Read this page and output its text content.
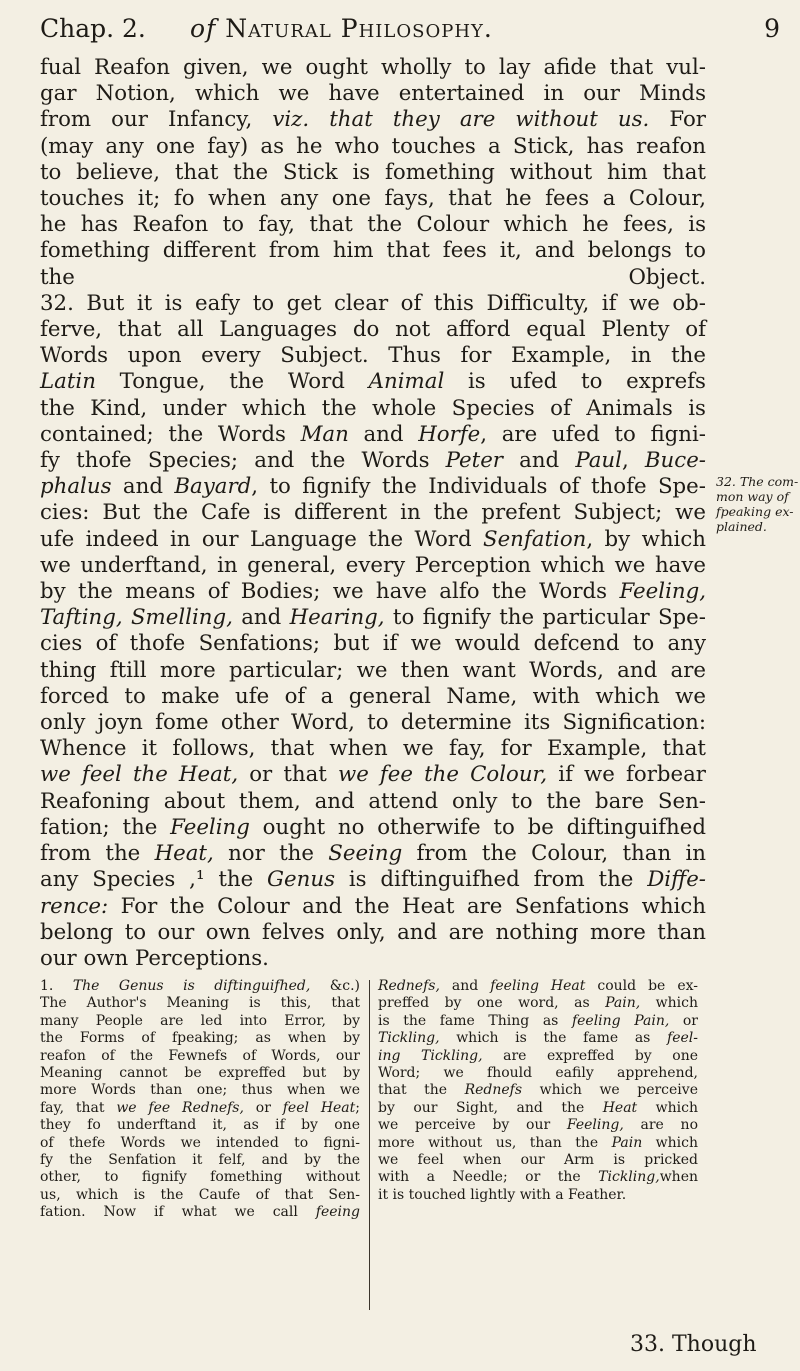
Chap. 2. of Natural Philosophy.	9
fual Reafon given, we ought wholly to lay afide that vul-
gar Notion, which we have entertained in our Minds
from our Infancy, viz. that they are without us. For
(may any one fay) as he who touches a Stick, has reafon
to believe, that the Stick is fomething without him that
touches it; fo when any one fays, that he fees a Colour,
he has Reafon to fay, that the Colour which he fees, is
fomething different from him that fees it, and belongs to
the Object.
32. But it is eafy to get clear of this Difficulty, if we ob-
ferve, that all Languages do not afford equal Plenty of
Words upon every Subject. Thus for Example, in the
Latin Tongue, the Word Animal is ufed to exprefs
the Kind, under which the whole Species of Animals is
contained; the Words Man and Horfe, are ufed to figni-
fy thofe Species; and the Words Peter and Paul, Buce-
phalus and Bayard, to fignify the Individuals of thofe Spe-
cies: But the Cafe is different in the prefent Subject; we
ufe indeed in our Language the Word Senfation, by which
we underftand, in general, every Perception which we have
by the means of Bodies; we have alfo the Words Feeling,
Tafting, Smelling, and Hearing, to fignify the particular Spe-
cies of thofe Senfations; but if we would defcend to any
thing ftill more particular; we then want Words, and are
forced to make ufe of a general Name, with which we
only joyn fome other Word, to determine its Signification:
Whence it follows, that when we fay, for Example, that
we feel the Heat, or that we fee the Colour, if we forbear
Reafoning about them, and attend only to the bare Sen-
fation; the Feeling ought no otherwife to be diftinguifhed
from the Heat, nor the Seeing from the Colour, than in
any Species ,¹ the Genus is diftinguifhed from the Diffe-
rence: For the Colour and the Heat are Senfations which
belong to our own felves only, and are nothing more than
our own Perceptions.
32. The com-
mon way of
fpeaking ex-
plained.
1. The Genus is diftinguifhed, &c.)
The Author's Meaning is this, that
many People are led into Error, by
the Forms of fpeaking; as when by
reafon of the Fewnefs of Words, our
Meaning cannot be expreffed but by
more Words than one; thus when we
fay, that we fee Rednefs, or feel Heat;
they fo underftand it, as if by one
of thefe Words we intended to figni-
fy the Senfation it felf, and by the
other, to fignify fomething without
us, which is the Caufe of that Sen-
fation. Now if what we call feeing
Rednefs, and feeling Heat could be ex-
preffed by one word, as Pain, which
is the fame Thing as feeling Pain, or
Tickling, which is the fame as feel-
ing Tickling, are expreffed by one
Word; we fhould eafily apprehend,
that the Rednefs which we perceive
by our Sight, and the Heat which
we perceive by our Feeling, are no
more without us, than the Pain which
we feel when our Arm is pricked
with a Needle; or the Tickling,when
it is touched lightly with a Feather.
33. Though
